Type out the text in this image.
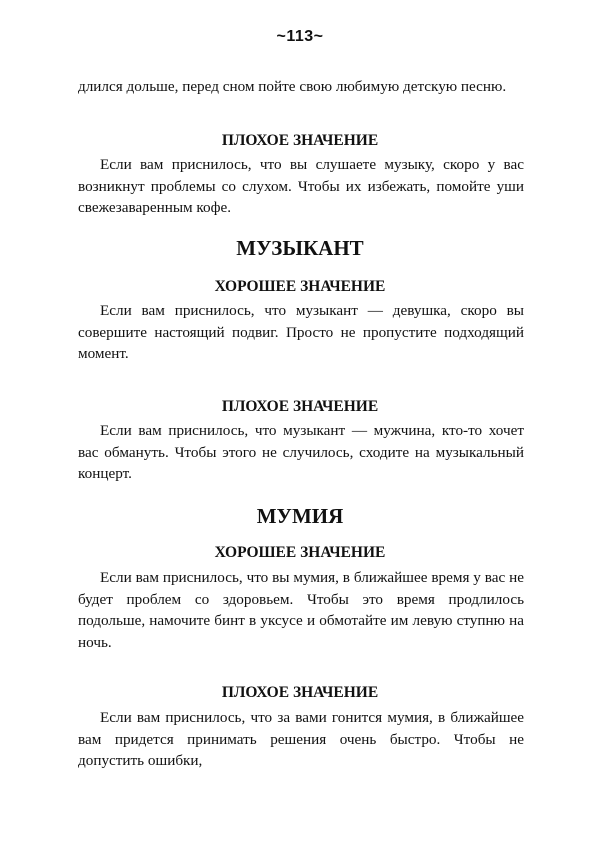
~113~

длился дольше, перед сном пойте свою любимую детскую песню.

ПЛОХОЕ ЗНАЧЕНИЕ

Если вам приснилось, что вы слушаете музыку, скоро у вас возникнут проблемы со слухом. Чтобы их избежать, помойте уши свежезаваренным кофе.

МУЗЫКАНТ
ХОРОШЕЕ ЗНАЧЕНИЕ

Если вам приснилось, что музыкант — девушка, скоро вы совершите настоящий подвиг. Просто не пропустите подходящий момент.

ПЛОХОЕ ЗНАЧЕНИЕ

Если вам приснилось, что музыкант — мужчина, кто-то хочет вас обмануть. Чтобы этого не случилось, сходите на музыкальный концерт.

МУМИЯ
ХОРОШЕЕ ЗНАЧЕНИЕ

Если вам приснилось, что вы мумия, в ближайшее время у вас не будет проблем со здоровьем. Чтобы это время продлилось подольше, намочите бинт в уксусе и обмотайте им левую ступню на ночь.

ПЛОХОЕ ЗНАЧЕНИЕ

Если вам приснилось, что за вами гонится мумия, в ближайшее вам придется принимать решения очень быстро. Чтобы не допустить ошибки,
